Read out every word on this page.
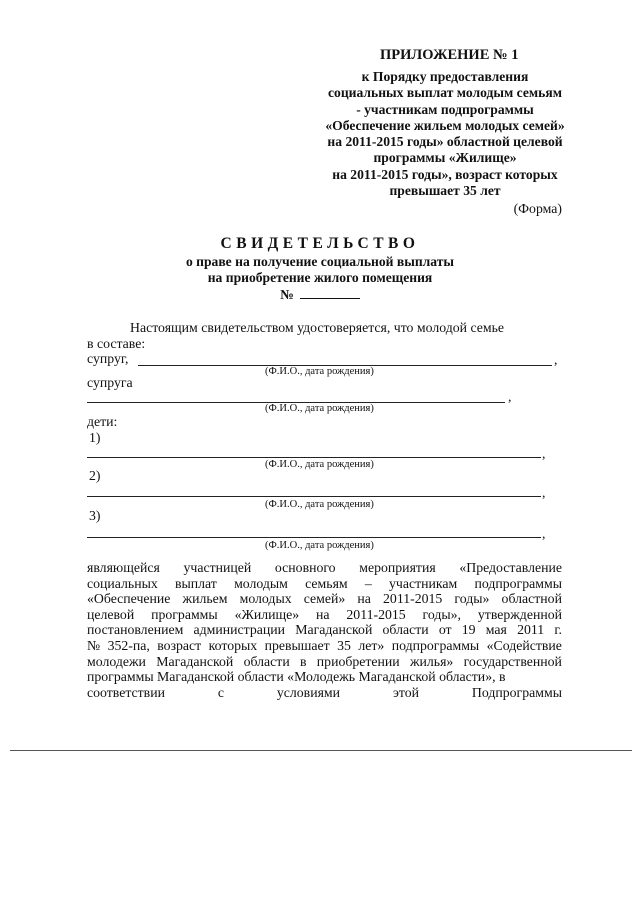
ПРИЛОЖЕНИЕ № 1
к Порядку предоставления
социальных выплат молодым семьям
- участникам подпрограммы
«Обеспечение жильем молодых семей»
на 2011-2015 годы» областной целевой
программы «Жилище»
на 2011-2015 годы», возраст которых
превышает 35 лет
(Форма)
СВИДЕТЕЛЬСТВО
о праве на получение социальной выплаты
на приобретение жилого помещения
№
Настоящим свидетельством удостоверяется, что молодой семье
в составе:
супруг,	,
(Ф.И.О., дата рождения)
супруга
,
(Ф.И.О., дата рождения)
дети:
1)
,
(Ф.И.О., дата рождения)
2)
,
(Ф.И.О., дата рождения)
3)
,
(Ф.И.О., дата рождения)
являющейся участницей основного мероприятия «Предоставление
социальных выплат молодым семьям – участникам подпрограммы
«Обеспечение жильем молодых семей» на 2011-2015 годы» областной
целевой программы «Жилище» на 2011-2015 годы», утвержденной
постановлением администрации Магаданской области от 19 мая 2011 г.
№ 352-па, возраст которых превышает 35 лет» подпрограммы «Содействие
молодежи Магаданской области в приобретении жилья» государственной
программы Магаданской области «Молодежь Магаданской области», в
соответствии	с	условиями	этой	Подпрограммы
